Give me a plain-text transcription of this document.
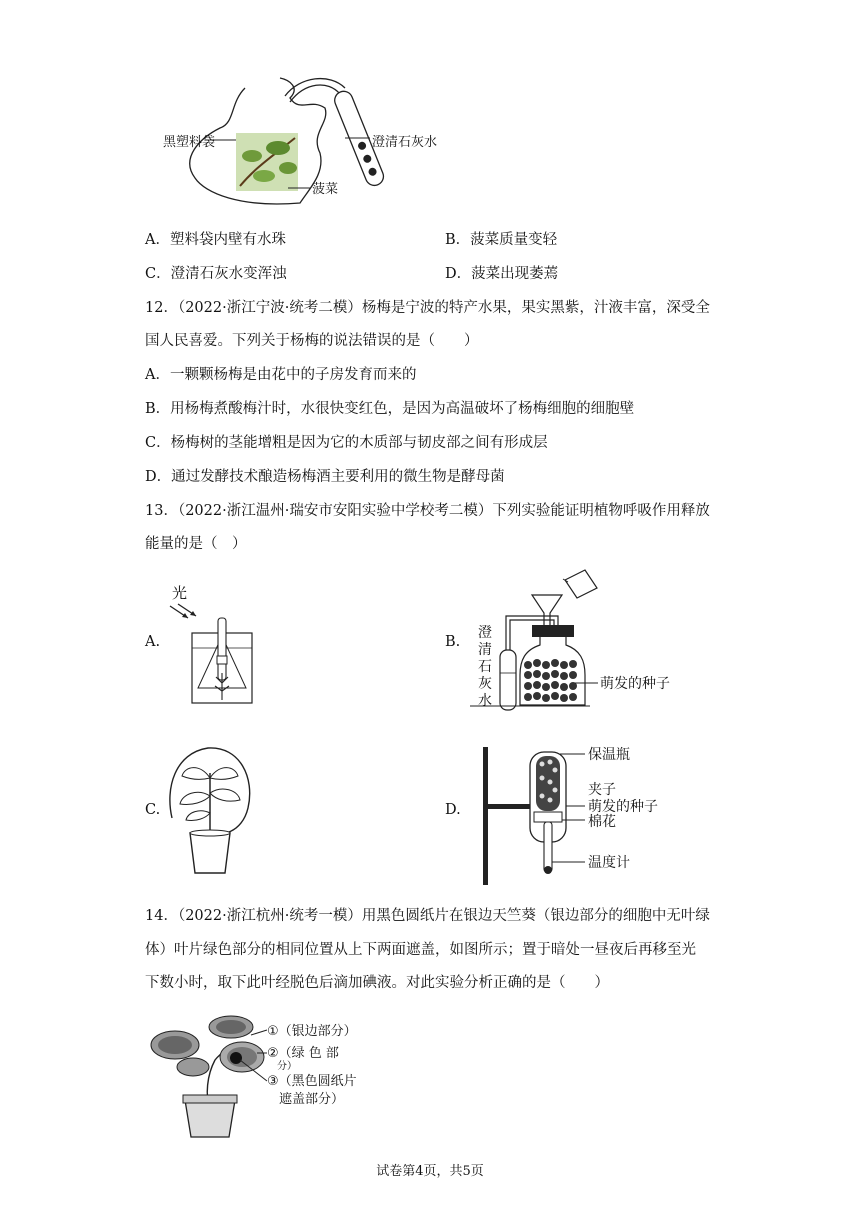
黑塑料袋	澄清石灰水
菠菜
A．塑料袋内壁有水珠	B．菠菜质量变轻
C．澄清石灰水变浑浊	D．菠菜出现萎蔫
12．（2022·浙江宁波·统考二模）杨梅是宁波的特产水果，果实黑紫，汁液丰富，深受全
国人民喜爱。下列关于杨梅的说法错误的是（　　）
A．一颗颗杨梅是由花中的子房发育而来的
B．用杨梅煮酸梅汁时，水很快变红色，是因为高温破坏了杨梅细胞的细胞壁
C．杨梅树的茎能增粗是因为它的木质部与韧皮部之间有形成层
D．通过发酵技术酿造杨梅酒主要利用的微生物是酵母菌
13．（2022·浙江温州·瑞安市安阳实验中学校考二模）下列实验能证明植物呼吸作用释放
能量的是（　）
A.	B.
C.	D.
光
萌发的种子
澄
清
石
灰
水
保温瓶
夹子
萌发的种子
棉花
温度计
14．（2022·浙江杭州·统考一模）用黑色圆纸片在银边天竺葵（银边部分的细胞中无叶绿
体）叶片绿色部分的相同位置从上下两面遮盖，如图所示；置于暗处一昼夜后再移至光
下数小时，取下此叶经脱色后滴加碘液。对此实验分析正确的是（　　）
①（银边部分）
②（绿 色 部
分）
③（黑色圆纸片
遮盖部分）
试卷第4页，共5页
